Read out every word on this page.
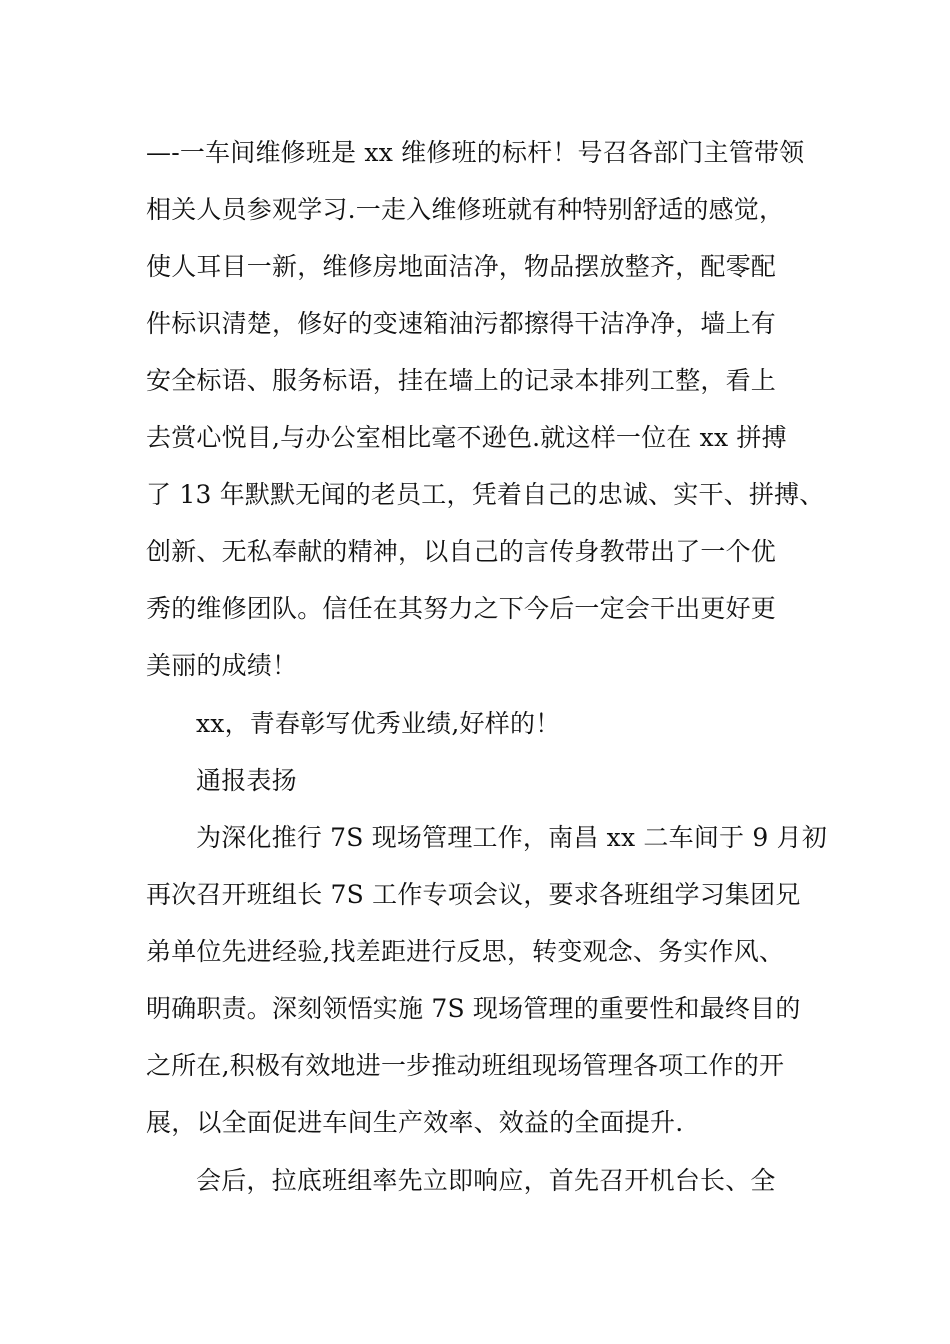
—-一车间维修班是 xx 维修班的标杆！号召各部门主管带领
相关人员参观学习.一走入维修班就有种特别舒适的感觉，
使人耳目一新，维修房地面洁净，物品摆放整齐，配零配
件标识清楚，修好的变速箱油污都擦得干洁净净，墙上有
安全标语、服务标语，挂在墙上的记录本排列工整，看上
去赏心悦目,与办公室相比毫不逊色.就这样一位在 xx 拼搏
了 13 年默默无闻的老员工，凭着自己的忠诚、实干、拼搏、
创新、无私奉献的精神，以自己的言传身教带出了一个优
秀的维修团队。信任在其努力之下今后一定会干出更好更
美丽的成绩！
xx，青春彰写优秀业绩,好样的！
通报表扬
为深化推行 7S 现场管理工作，南昌 xx 二车间于 9 月初
再次召开班组长 7S 工作专项会议，要求各班组学习集团兄
弟单位先进经验,找差距进行反思，转变观念、务实作风、
明确职责。深刻领悟实施 7S 现场管理的重要性和最终目的
之所在,积极有效地进一步推动班组现场管理各项工作的开
展，以全面促进车间生产效率、效益的全面提升.
会后，拉底班组率先立即响应，首先召开机台长、全
